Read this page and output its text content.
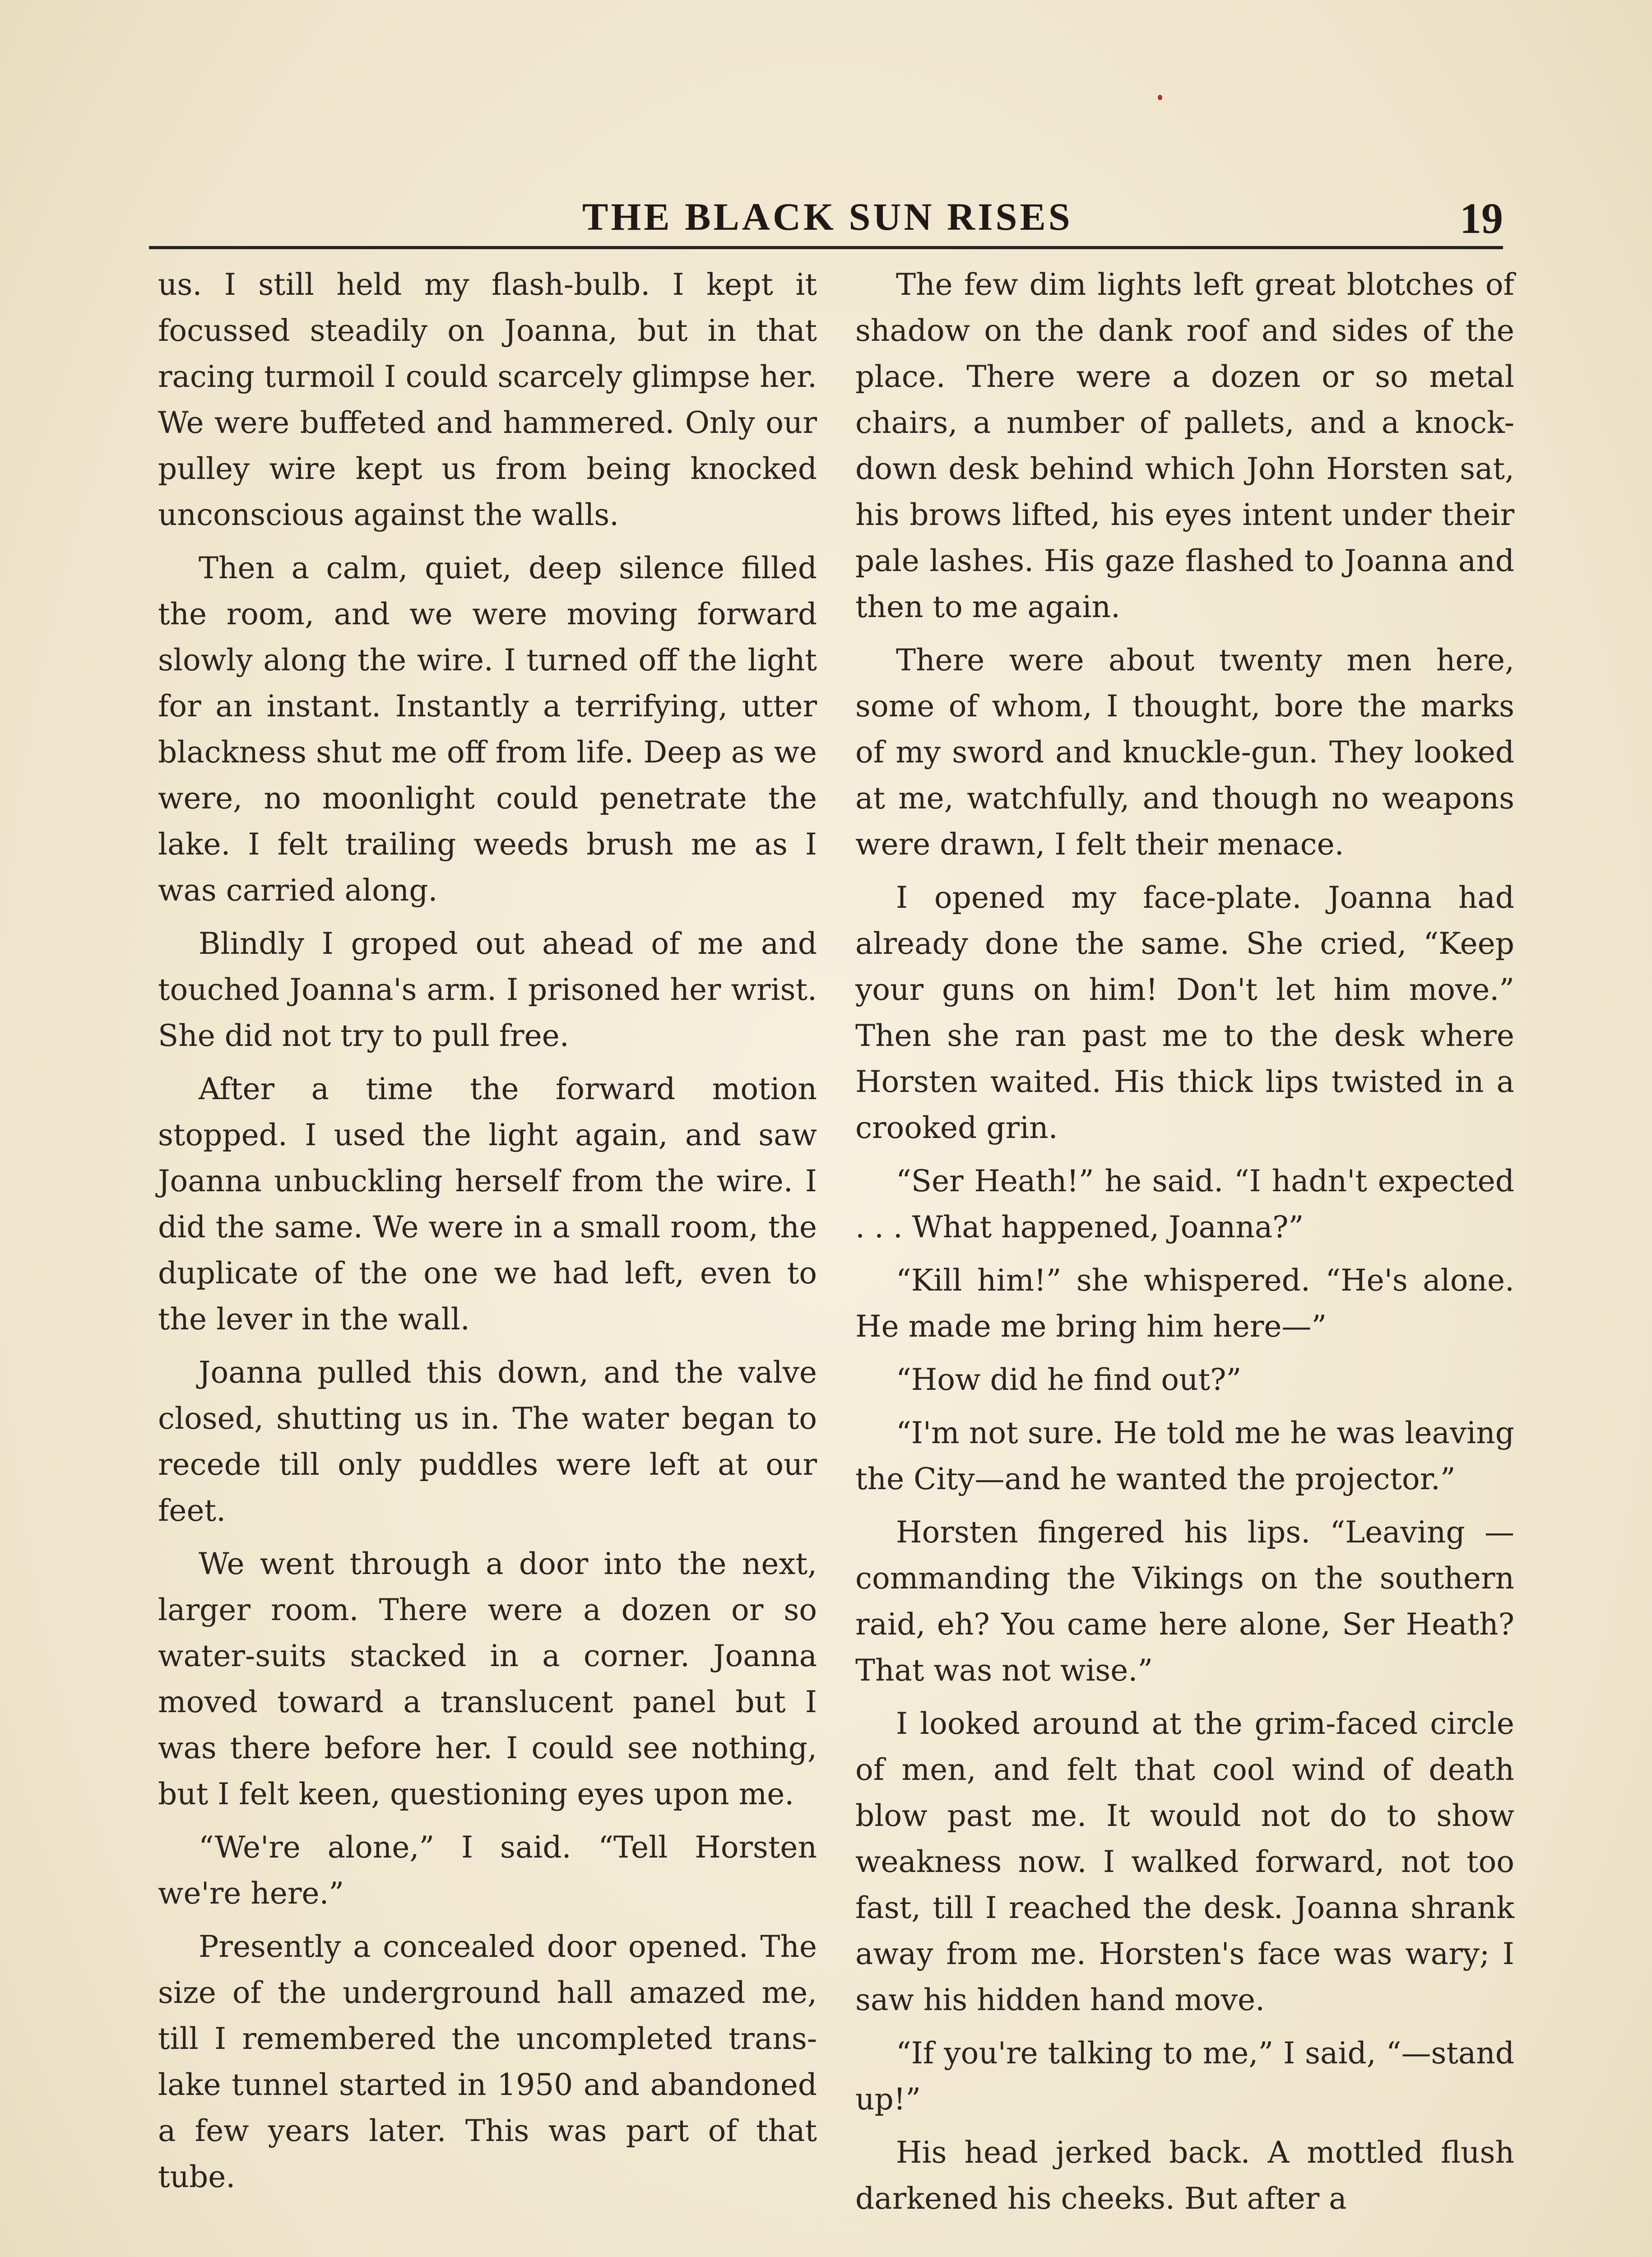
THE BLACK SUN RISES	19

us. I still held my flash-bulb. I kept it focussed steadily on Joanna, but in that racing turmoil I could scarcely glimpse her. We were buffeted and hammered. Only our pulley wire kept us from being knocked unconscious against the walls.

Then a calm, quiet, deep silence filled the room, and we were moving forward slowly along the wire. I turned off the light for an instant. Instantly a terrifying, utter blackness shut me off from life. Deep as we were, no moonlight could penetrate the lake. I felt trailing weeds brush me as I was carried along.

Blindly I groped out ahead of me and touched Joanna's arm. I prisoned her wrist. She did not try to pull free.

After a time the forward motion stopped. I used the light again, and saw Joanna unbuckling herself from the wire. I did the same. We were in a small room, the duplicate of the one we had left, even to the lever in the wall.

Joanna pulled this down, and the valve closed, shutting us in. The water began to recede till only puddles were left at our feet.

We went through a door into the next, larger room. There were a dozen or so water-suits stacked in a corner. Joanna moved toward a translucent panel but I was there before her. I could see nothing, but I felt keen, questioning eyes upon me.

“We're alone,” I said. “Tell Horsten we're here.”

Presently a concealed door opened. The size of the underground hall amazed me, till I remembered the uncompleted trans-lake tunnel started in 1950 and abandoned a few years later. This was part of that tube.

The few dim lights left great blotches of shadow on the dank roof and sides of the place. There were a dozen or so metal chairs, a number of pallets, and a knock-down desk behind which John Horsten sat, his brows lifted, his eyes intent under their pale lashes. His gaze flashed to Joanna and then to me again.

There were about twenty men here, some of whom, I thought, bore the marks of my sword and knuckle-gun. They looked at me, watchfully, and though no weapons were drawn, I felt their menace.

I opened my face-plate. Joanna had already done the same. She cried, “Keep your guns on him! Don't let him move.” Then she ran past me to the desk where Horsten waited. His thick lips twisted in a crooked grin.

“Ser Heath!” he said. “I hadn't expected . . . What happened, Joanna?”

“Kill him!” she whispered. “He's alone. He made me bring him here—”

“How did he find out?”

“I'm not sure. He told me he was leaving the City—and he wanted the projector.”

Horsten fingered his lips. “Leaving — commanding the Vikings on the southern raid, eh? You came here alone, Ser Heath? That was not wise.”

I looked around at the grim-faced circle of men, and felt that cool wind of death blow past me. It would not do to show weakness now. I walked forward, not too fast, till I reached the desk. Joanna shrank away from me. Horsten's face was wary; I saw his hidden hand move.

“If you're talking to me,” I said, “—stand up!”

His head jerked back. A mottled flush darkened his cheeks. But after a
